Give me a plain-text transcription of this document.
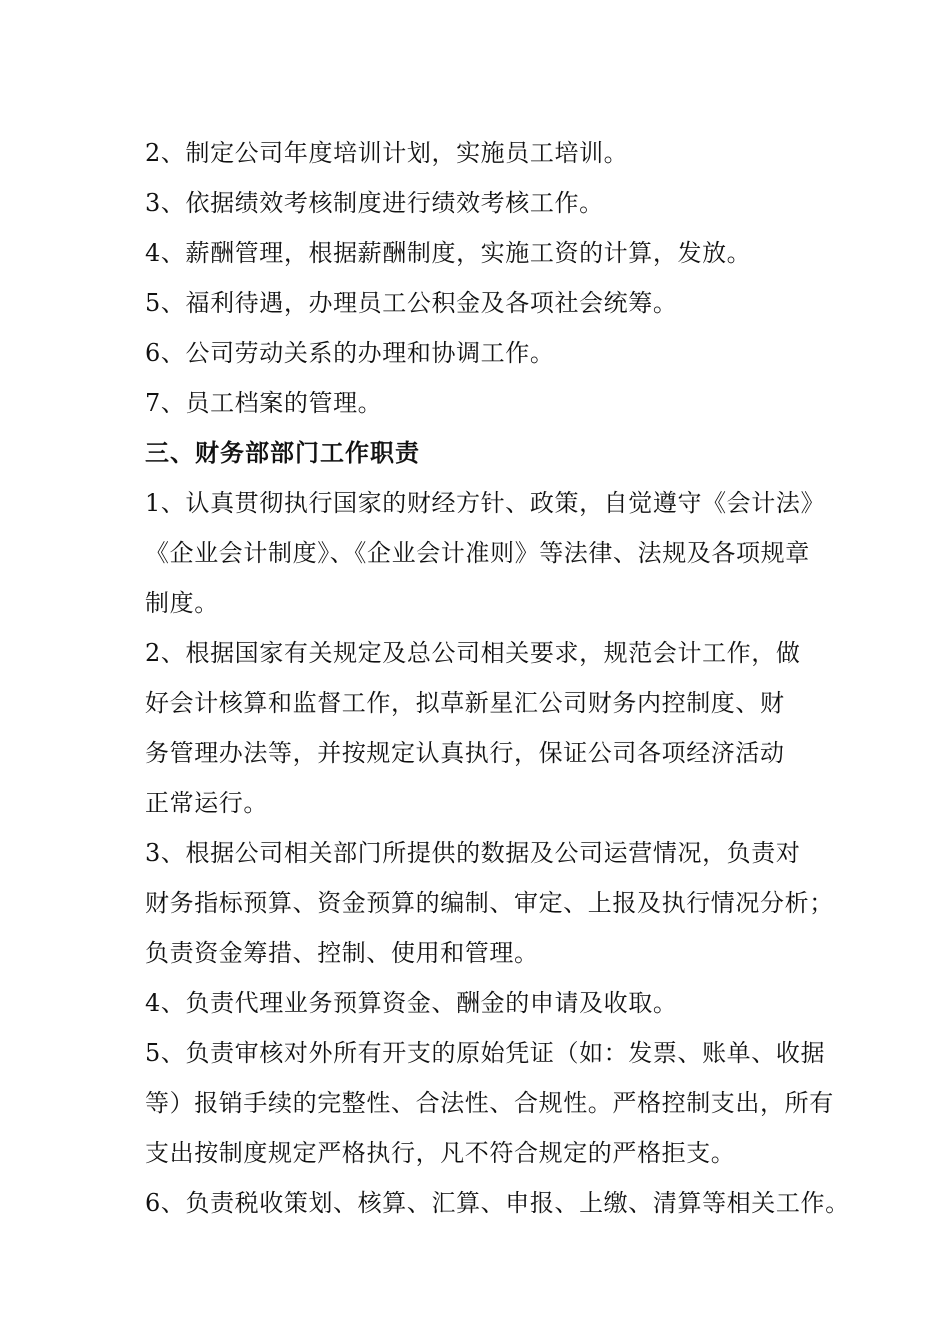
2、制定公司年度培训计划，实施员工培训。
3、依据绩效考核制度进行绩效考核工作。
4、薪酬管理，根据薪酬制度，实施工资的计算，发放。
5、福利待遇，办理员工公积金及各项社会统筹。
6、公司劳动关系的办理和协调工作。
7、员工档案的管理。
三、财务部部门工作职责
1、认真贯彻执行国家的财经方针、政策，自觉遵守《会计法》
《企业会计制度》、《企业会计准则》等法律、法规及各项规章
制度。
2、根据国家有关规定及总公司相关要求，规范会计工作，做
好会计核算和监督工作，拟草新星汇公司财务内控制度、财
务管理办法等，并按规定认真执行，保证公司各项经济活动
正常运行。
3、根据公司相关部门所提供的数据及公司运营情况，负责对
财务指标预算、资金预算的编制、审定、上报及执行情况分析；
负责资金筹措、控制、使用和管理。
4、负责代理业务预算资金、酬金的申请及收取。
5、负责审核对外所有开支的原始凭证（如：发票、账单、收据
等）报销手续的完整性、合法性、合规性。严格控制支出，所有
支出按制度规定严格执行，凡不符合规定的严格拒支。
6、负责税收策划、核算、汇算、申报、上缴、清算等相关工作。
